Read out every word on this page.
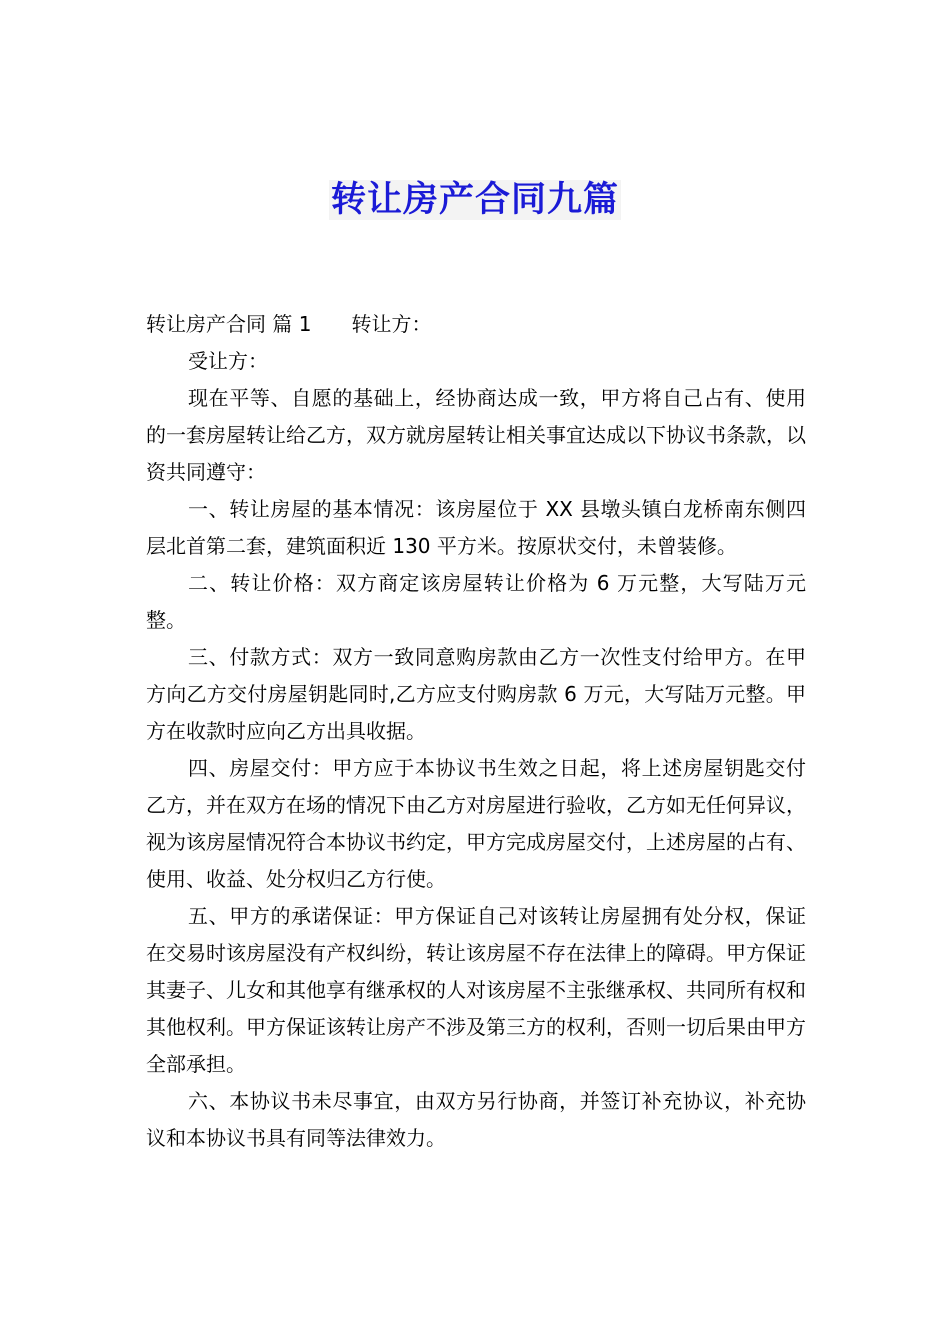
转让房产合同九篇

转让房产合同 篇 1 转让方：

受让方：

现在平等、自愿的基础上，经协商达成一致，甲方将自己占有、使用的一套房屋转让给乙方，双方就房屋转让相关事宜达成以下协议书条款，以资共同遵守：

一、转让房屋的基本情况：该房屋位于 XX 县墩头镇白龙桥南东侧四层北首第二套，建筑面积近 130 平方米。按原状交付，未曾装修。

二、转让价格：双方商定该房屋转让价格为 6 万元整，大写陆万元整。

三、付款方式：双方一致同意购房款由乙方一次性支付给甲方。在甲方向乙方交付房屋钥匙同时,乙方应支付购房款 6 万元，大写陆万元整。甲方在收款时应向乙方出具收据。

四、房屋交付：甲方应于本协议书生效之日起，将上述房屋钥匙交付乙方，并在双方在场的情况下由乙方对房屋进行验收，乙方如无任何异议，视为该房屋情况符合本协议书约定，甲方完成房屋交付，上述房屋的占有、使用、收益、处分权归乙方行使。

五、甲方的承诺保证：甲方保证自己对该转让房屋拥有处分权，保证在交易时该房屋没有产权纠纷，转让该房屋不存在法律上的障碍。甲方保证其妻子、儿女和其他享有继承权的人对该房屋不主张继承权、共同所有权和其他权利。甲方保证该转让房产不涉及第三方的权利，否则一切后果由甲方全部承担。

六、本协议书未尽事宜，由双方另行协商，并签订补充协议，补充协议和本协议书具有同等法律效力。
